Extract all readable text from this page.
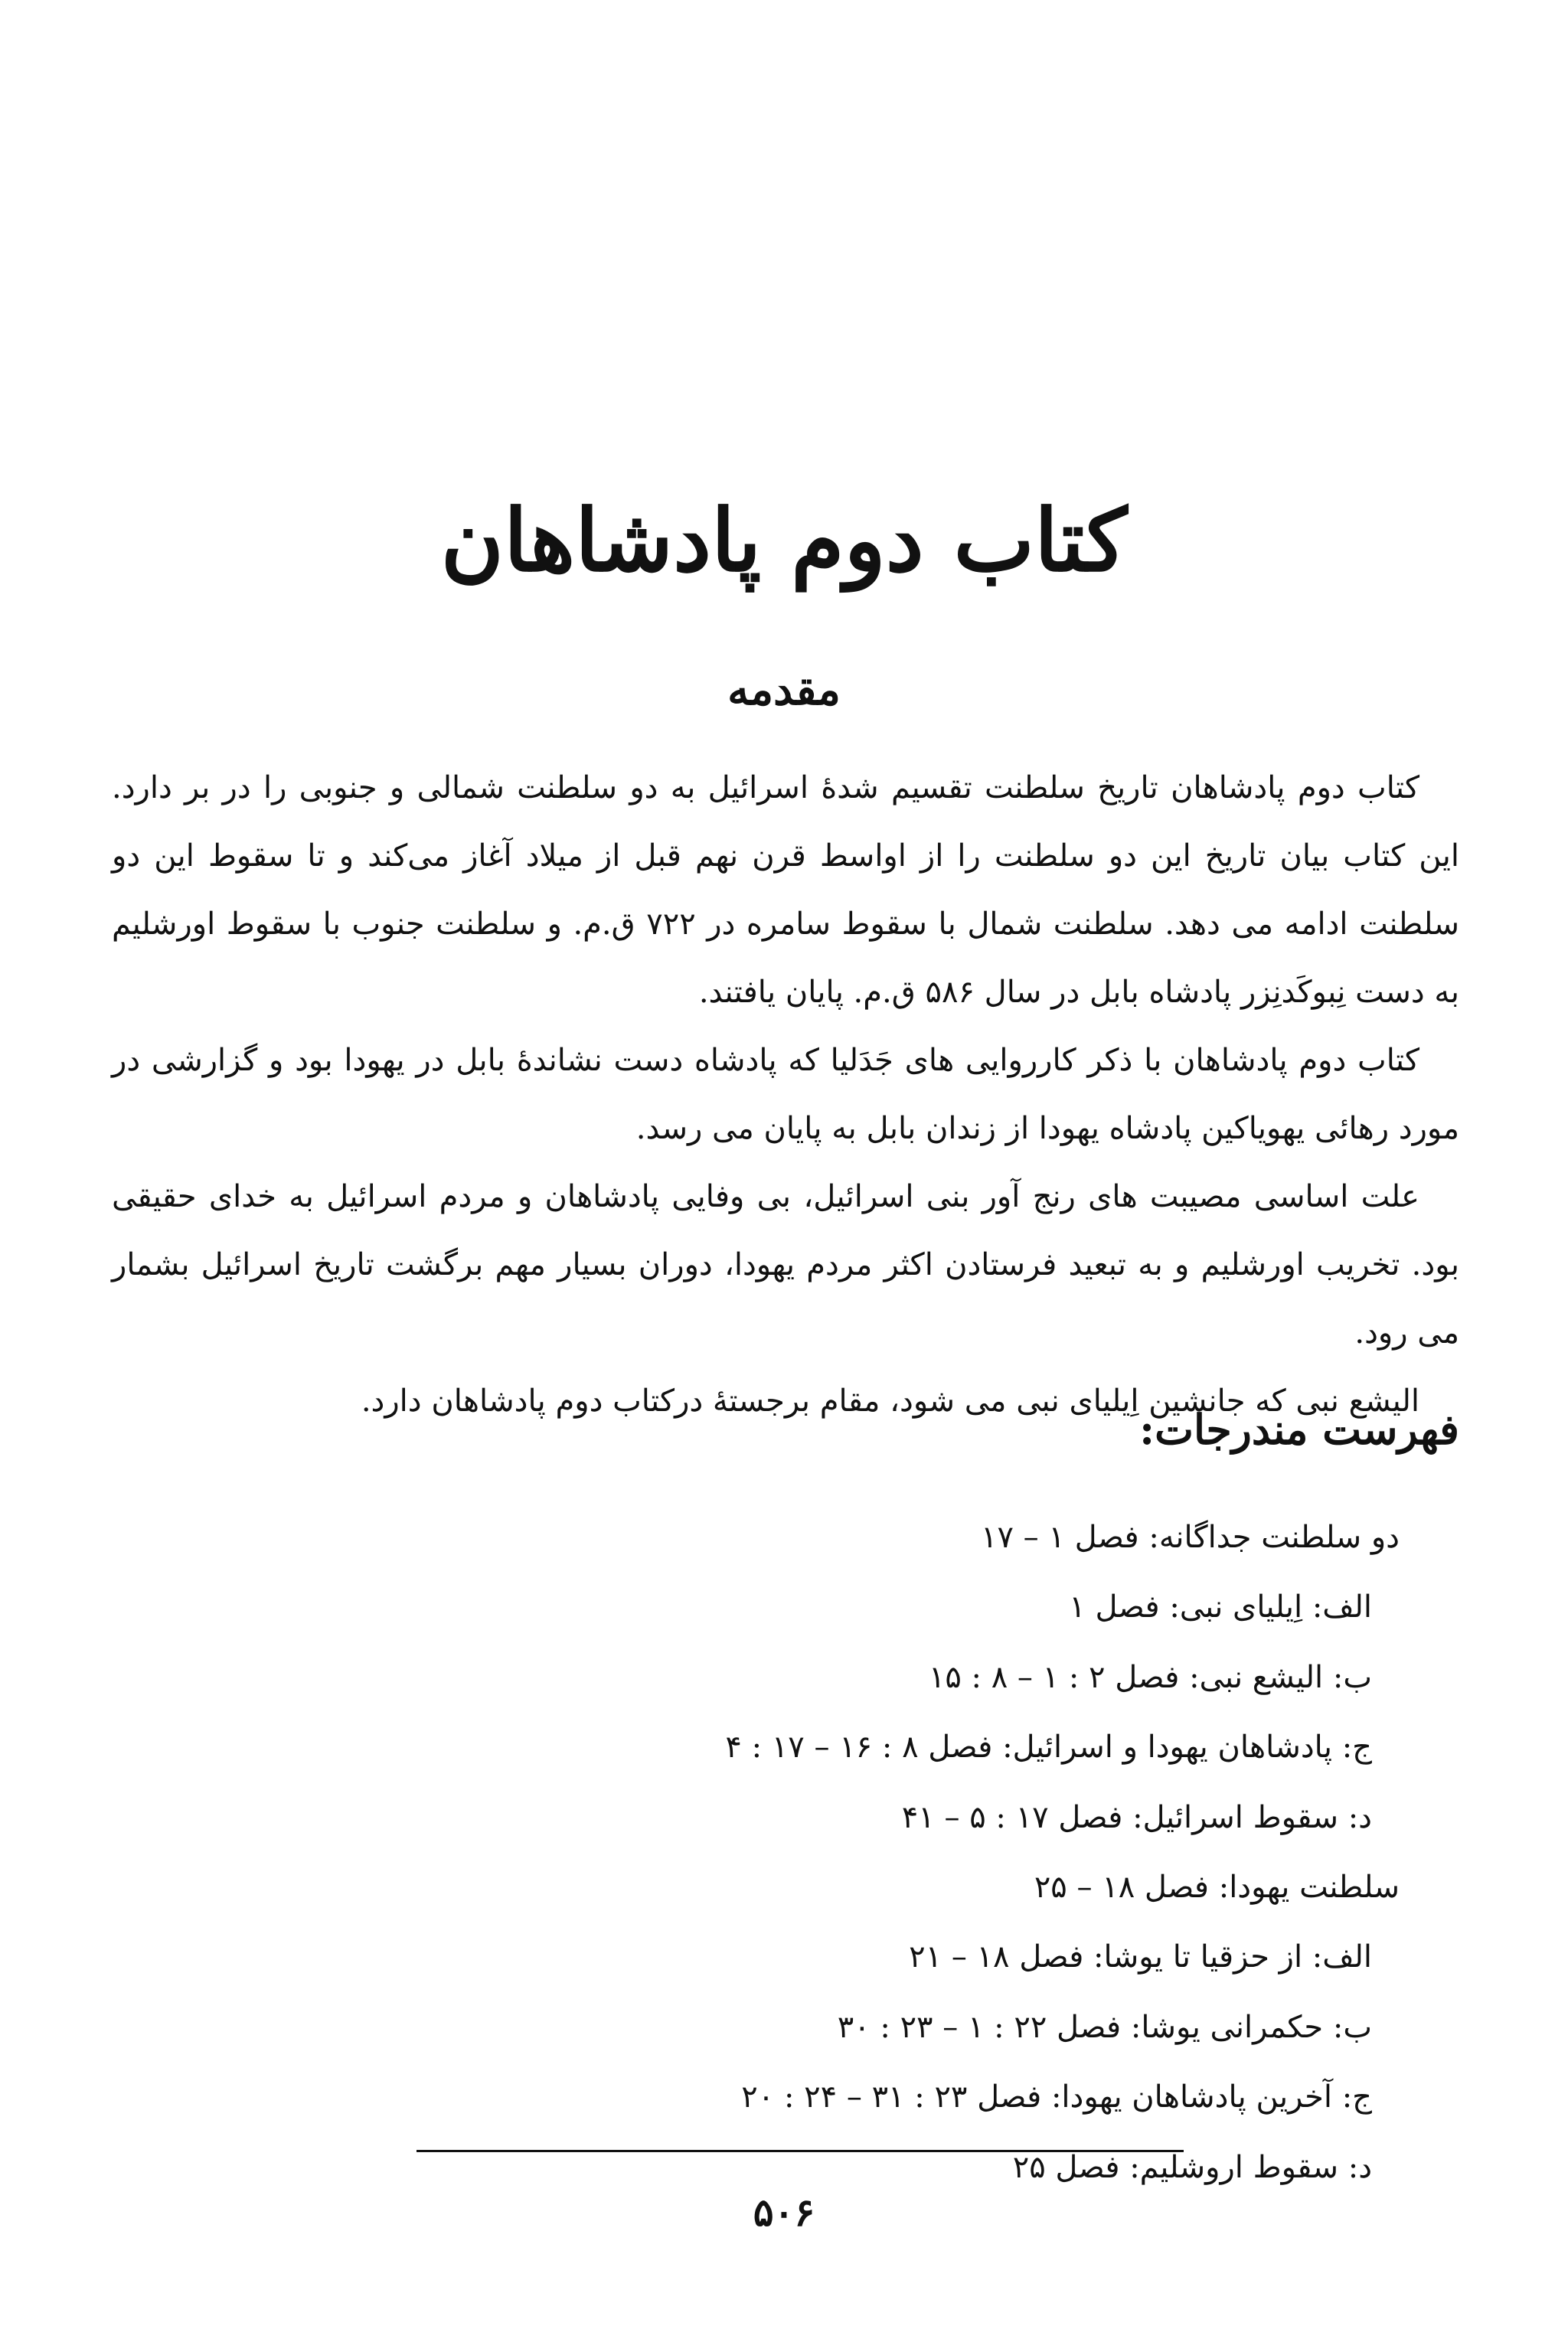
کتاب دوم پادشاهان
مقدمه

کتاب دوم پادشاهان تاریخ سلطنت تقسیم شدۀ اسرائیل به دو سلطنت شمالی و جنوبی را در بر دارد. این کتاب بیان تاریخ این دو سلطنت را از اواسط قرن نهم قبل از میلاد آغاز می‌کند و تا سقوط این دو سلطنت ادامه می دهد. سلطنت شمال با سقوط سامره در ۷۲۲ ق.م. و سلطنت جنوب با سقوط اورشلیم به دست نِبوکَدنِزر پادشاه بابل در سال ۵۸۶ ق.م. پایان یافتند.

کتاب دوم پادشاهان با ذکر کارروایی های جَدَلیا که پادشاه دست نشاندۀ بابل در یهودا بود و گزارشی در مورد رهائی یهویاکین پادشاه یهودا از زندان بابل به پایان می رسد.

علت اساسی مصیبت های رنج آور بنی اسرائیل، بی وفایی پادشاهان و مردم اسرائیل به خدای حقیقی بود. تخریب اورشلیم و به تبعید فرستادن اکثر مردم یهودا، دوران بسیار مهم برگشت تاریخ اسرائیل بشمار می رود.

الیشع نبی که جانشین اِیلیای نبی می شود، مقام برجستۀ درکتاب دوم پادشاهان دارد.

فهرست مندرجات:
دو سلطنت جداگانه: فصل ۱ – ۱۷
الف: اِیلیای نبی: فصل ۱
ب: الیشع نبی: فصل ۲ : ۱ – ۸ : ۱۵
ج: پادشاهان یهودا و اسرائیل: فصل ۸ : ۱۶ – ۱۷ : ۴
د: سقوط اسرائیل: فصل ۱۷ : ۵ – ۴۱
سلطنت یهودا: فصل ۱۸ – ۲۵
الف: از حزقیا تا یوشا: فصل ۱۸ – ۲۱
ب: حکمرانی یوشا: فصل ۲۲ : ۱ – ۲۳ : ۳۰
ج: آخرین پادشاهان یهودا: فصل ۲۳ : ۳۱ – ۲۴ : ۲۰
د: سقوط اروشلیم: فصل ۲۵
۵۰۶
